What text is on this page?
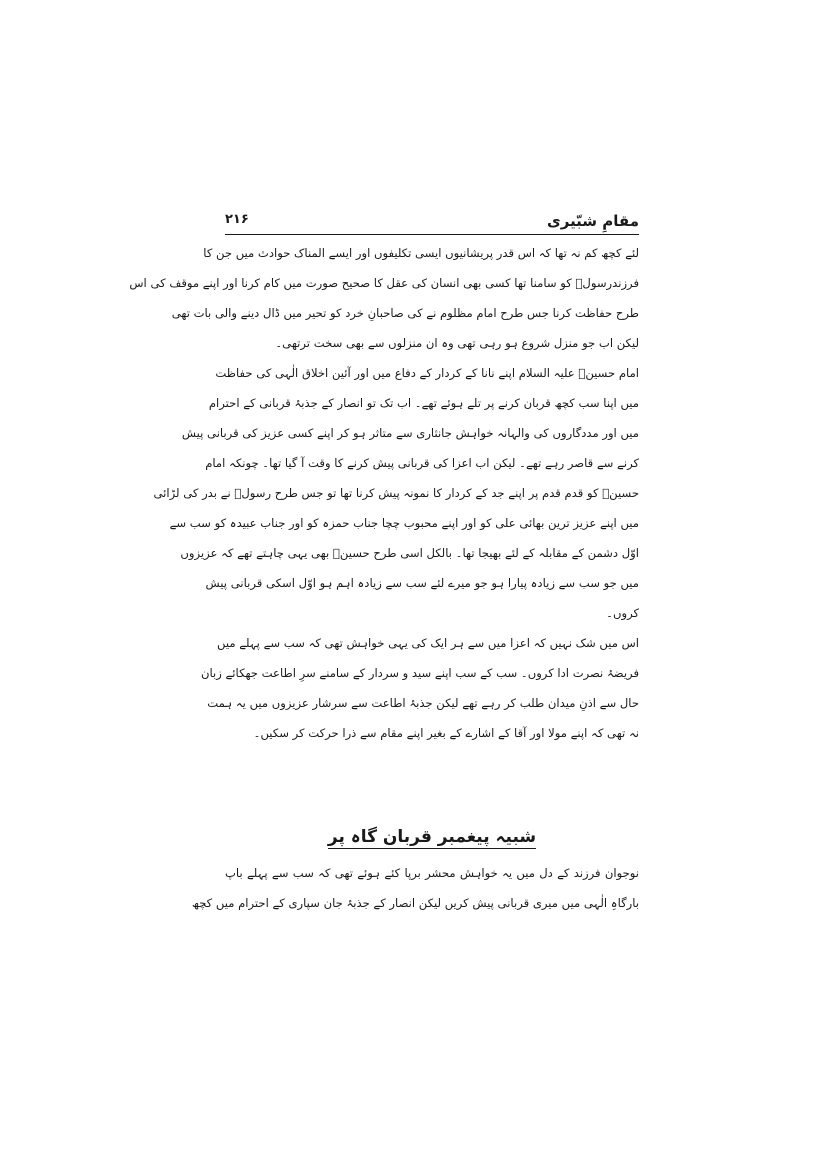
مقامِ شبّیری
۲۱۶
لئے کچھ کم نہ تھا کہ اس قدر پریشانیوں ایسی تکلیفوں اور ایسے المناک حوادث میں جن کا
فرزندرسولؐ کو سامنا تھا کسی بھی انسان کی عقل کا صحیح صورت میں کام کرنا اور اپنے موقف کی اس
طرح حفاظت کرنا جس طرح امام مظلوم نے کی صاحبانِ خرد کو تحیر میں ڈال دینے والی بات تھی
لیکن اب جو منزل شروع ہو رہی تھی وہ ان منزلوں سے بھی سخت ترتھی۔
امام حسینؑ علیہ السلام اپنے نانا کے کردار کے دفاع میں اور آئین اخلاق الٰہی کی حفاظت
میں اپنا سب کچھ قربان کرنے پر تلے ہوئے تھے۔ اب تک تو انصار کے جذبۂ قربانی کے احترام
میں اور مددگاروں کی والہانہ خواہش جانثاری سے متاثر ہو کر اپنے کسی عزیز کی قربانی پیش
کرنے سے قاصر رہے تھے۔ لیکن اب اعزا کی قربانی پیش کرنے کا وقت آ گیا تھا۔ چونکہ امام
حسینؑ کو قدم قدم پر اپنے جد کے کردار کا نمونہ پیش کرنا تھا تو جس طرح رسولؐ نے بدر کی لڑائی
میں اپنے عزیز ترین بھائی علی کو اور اپنے محبوب چچا جناب حمزہ کو اور جناب عبیدہ کو سب سے
اوّل دشمن کے مقابلہ کے لئے بھیجا تھا۔ بالکل اسی طرح حسینؑ بھی یہی چاہتے تھے کہ عزیزوں
میں جو سب سے زیادہ پیارا ہو جو میرے لئے سب سے زیادہ اہم ہو اوّل اسکی قربانی پیش
کروں۔
اس میں شک نہیں کہ اعزا میں سے ہر ایک کی یہی خواہش تھی کہ سب سے پہلے میں
فریضۂ نصرت ادا کروں۔ سب کے سب اپنے سید و سردار کے سامنے سرِ اطاعت جھکائے زبان
حال سے اذنِ میدان طلب کر رہے تھے لیکن جذبۂ اطاعت سے سرشار عزیزوں میں یہ ہمت
نہ تھی کہ اپنے مولا اور آقا کے اشارے کے بغیر اپنے مقام سے ذرا حرکت کر سکیں۔
شبیہ پیغمبر قربان گاہ پر
نوجوان فرزند کے دل میں یہ خواہش محشر برپا کئے ہوئے تھی کہ سب سے پہلے باپ
بارگاہِ الٰہی میں میری قربانی پیش کریں لیکن انصار کے جذبۂ جان سپاری کے احترام میں کچھ
